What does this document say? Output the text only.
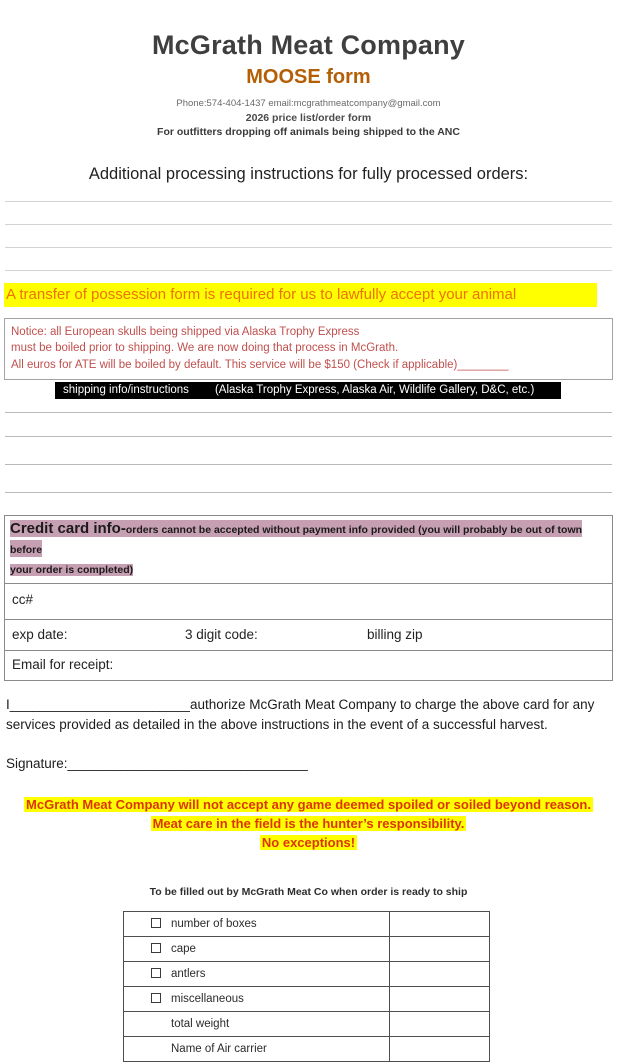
McGrath Meat Company
MOOSE form
Phone:574-404-1437 email:mcgrathmeatcompany@gmail.com
2026 price list/order form
For outfitters dropping off animals being shipped to the ANC
Additional processing instructions for fully processed orders:
A transfer of possession form is required for us to lawfully accept your animal
Notice: all European skulls being shipped via Alaska Trophy Express
must be boiled prior to shipping. We are now doing that process in McGrath.
All euros for ATE will be boiled by default. This service will be $150 (Check if applicable)________
shipping info/instructions (Alaska Trophy Express, Alaska Air, Wildlife Gallery, D&C, etc.)
Credit card info-orders cannot be accepted without payment info provided (you will probably be out of town before
your order is completed)
cc#
exp date:	3 digit code:	billing zip
Email for receipt:
I________________________authorize McGrath Meat Company to charge the above card for any services provided as detailed in the above instructions in the event of a successful harvest.
Signature:________________________________
McGrath Meat Company will not accept any game deemed spoiled or soiled beyond reason. Meat care in the field is the hunter’s responsibility.
No exceptions!
To be filled out by McGrath Meat Co when order is ready to ship
number of boxes	
cape	
antlers	
miscellaneous	
total weight	
Name of Air carrier	
